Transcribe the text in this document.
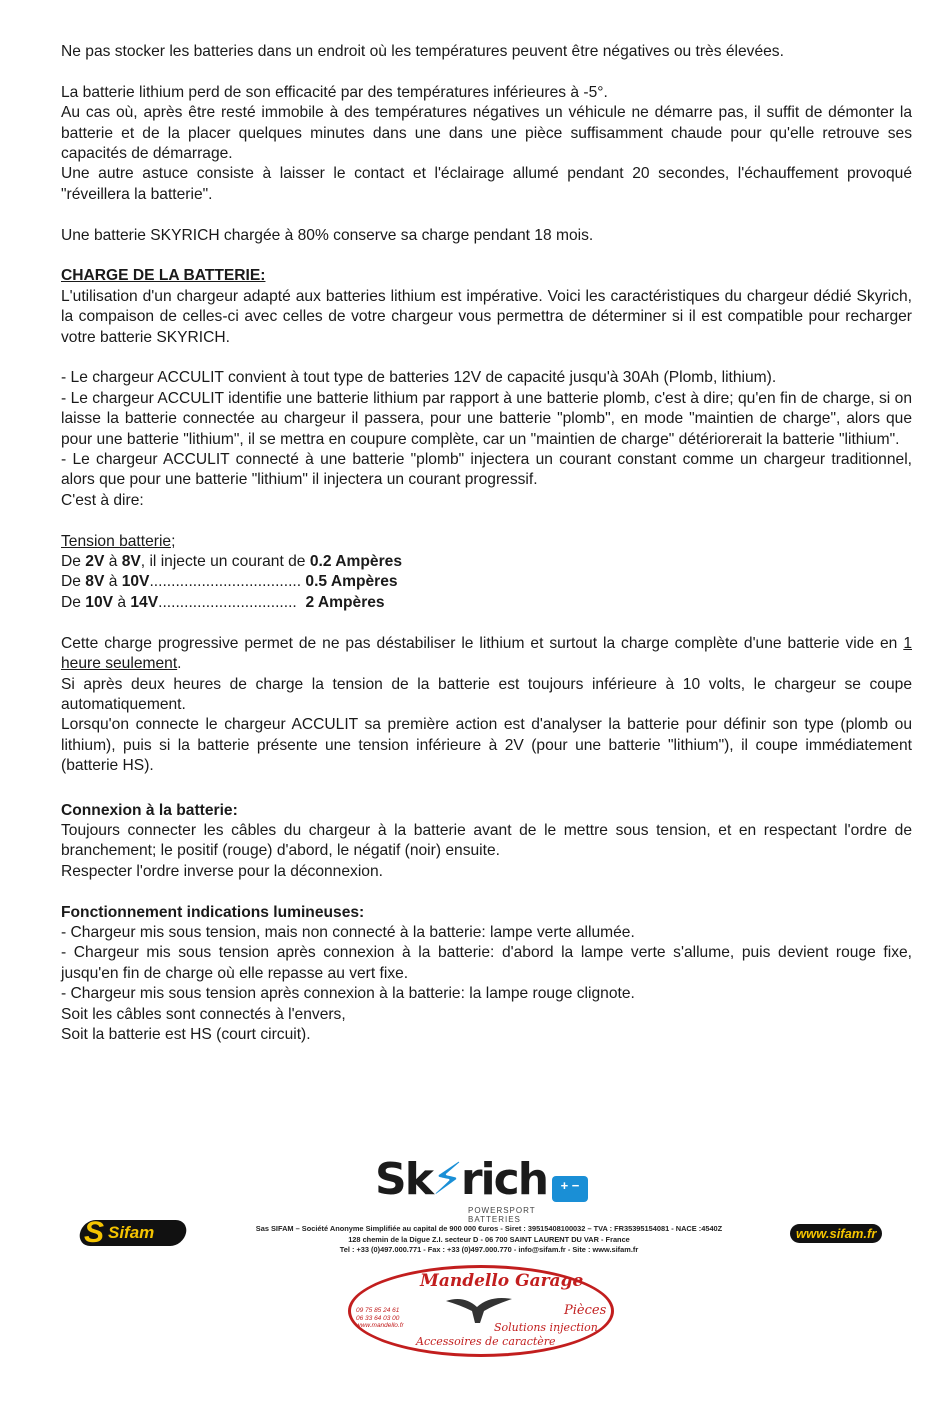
Ne pas stocker les batteries dans un endroit où les températures peuvent être négatives ou très élevées.

La batterie lithium perd de son efficacité par des températures inférieures à -5°.

Au cas où, après être resté immobile à des températures négatives un véhicule ne démarre pas, il suffit de démonter la batterie et de la placer quelques minutes dans une dans une pièce suffisamment chaude pour qu'elle retrouve ses capacités de démarrage.

Une autre astuce consiste à laisser le contact et l'éclairage allumé pendant 20 secondes, l'échauffement provoqué "réveillera la batterie".

Une batterie SKYRICH chargée à 80% conserve sa charge pendant 18 mois.

CHARGE DE LA BATTERIE:

L'utilisation d'un chargeur adapté aux batteries lithium est impérative. Voici les caractéristiques du chargeur dédié Skyrich, la compaison de celles-ci avec celles de votre chargeur vous permettra de déterminer si il est compatible pour recharger votre batterie SKYRICH.

- Le chargeur ACCULIT convient à tout type de batteries 12V de capacité jusqu'à 30Ah (Plomb, lithium).

- Le chargeur ACCULIT identifie une batterie lithium par rapport à une batterie plomb, c'est à dire; qu'en fin de charge, si on laisse la batterie connectée au chargeur il passera, pour une batterie "plomb", en mode "maintien de charge", alors que pour une batterie "lithium", il se mettra en coupure complète, car un "maintien de charge" détériorerait la batterie "lithium".

- Le chargeur ACCULIT connecté à une batterie "plomb" injectera un courant constant comme un chargeur traditionnel, alors que pour une batterie "lithium" il injectera un courant progressif.

C'est à dire:

Tension batterie;

De 2V à 8V, il injecte un courant de 0.2 Ampères

De 8V à 10V................................... 0.5 Ampères

De 10V à 14V................................  2 Ampères

Cette charge progressive permet de ne pas déstabiliser le lithium et surtout la charge complète d'une batterie vide en 1 heure seulement.

Si après deux heures de charge la tension de la batterie est toujours inférieure à 10 volts, le chargeur se coupe automatiquement.

Lorsqu'on connecte le chargeur ACCULIT sa première action est d'analyser la batterie pour définir son type (plomb ou lithium), puis si la batterie présente une tension inférieure à 2V (pour une batterie "lithium"), il coupe immédiatement (batterie HS).

Connexion à la batterie:

Toujours connecter les câbles du chargeur à la batterie avant de le mettre sous tension, et en respectant l'ordre de branchement; le positif (rouge) d'abord, le négatif (noir) ensuite.

Respecter l'ordre inverse pour la déconnexion.

Fonctionnement indications lumineuses:

- Chargeur mis sous tension, mais non connecté à la batterie: lampe verte allumée.

- Chargeur mis sous tension après connexion à la batterie: d'abord la lampe verte s'allume, puis devient rouge fixe, jusqu'en fin de charge où elle repasse au vert fixe.

- Chargeur mis sous tension après connexion à la batterie: la lampe rouge clignote.

Soit les câbles sont connectés à l'envers,

Soit la batterie est HS (court circuit).

Sk⚡rich	+ −
POWERSPORT BATTERIES
S Sifam	Sas SIFAM – Société Anonyme Simplifiée au capital de 900 000 €uros - Siret : 39515408100032 – TVA : FR35395154081 - NACE :4540Z
128 chemin de la Digue Z.I. secteur D - 06 700 SAINT LAURENT DU VAR - France
Tel : +33 (0)497.000.771 - Fax : +33 (0)497.000.770 - info@sifam.fr - Site : www.sifam.fr
www.sifam.fr
Mandello Garage
09 75 85 24 61
06 33 64 03 00
www.mandello.fr
Pièces
Solutions injection
Accessoires de caractère
